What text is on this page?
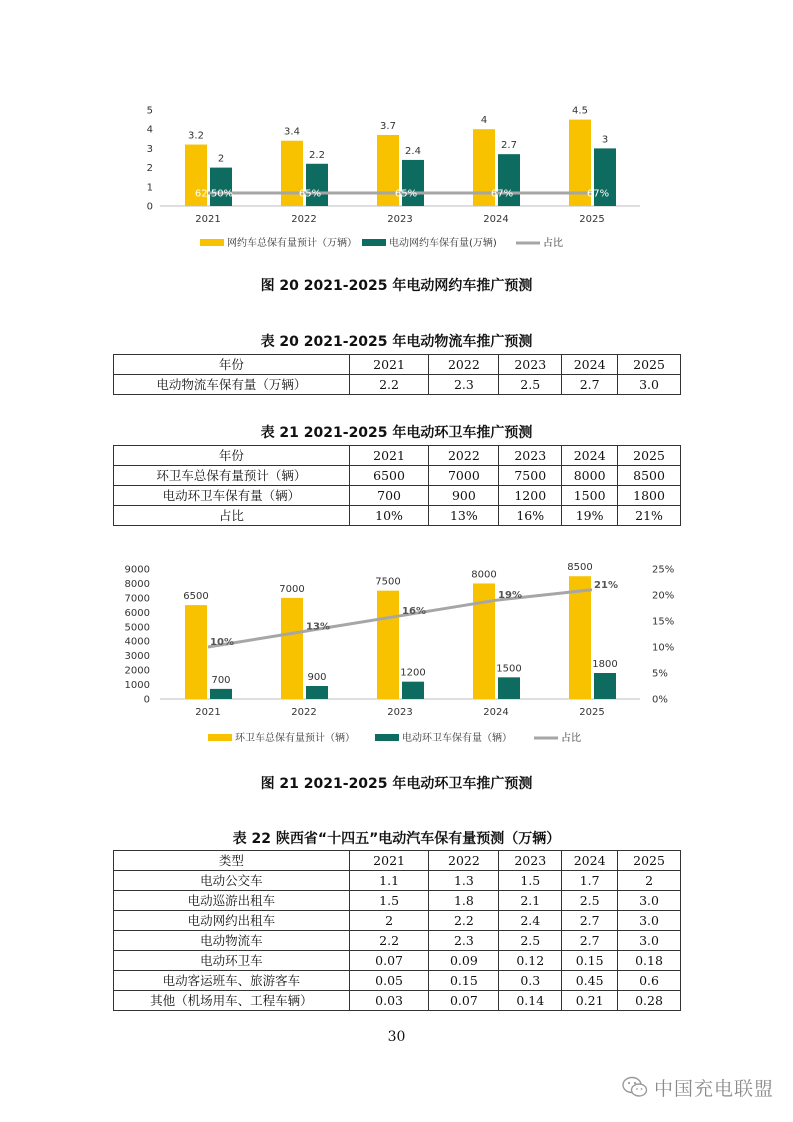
0
1
2
3
4
5
3.2
2
2021
3.4
2.2
2022
3.7
2.4
2023
4
2.7
2024
4.5
3
2025
62.50%	65%	65%	67%	67%
网约车总保有量预计（万辆）	电动网约车保有量(万辆)	占比
图 20 2021-2025 年电动网约车推广预测
表 20 2021-2025 年电动物流车推广预测
年份	2021	2022	2023	2024	2025
电动物流车保有量（万辆）	2.2	2.3	2.5	2.7	3.0
表 21 2021-2025 年电动环卫车推广预测
年份	2021	2022	2023	2024	2025
环卫车总保有量预计（辆）	6500	7000	7500	8000	8500
电动环卫车保有量（辆）	700	900	1200	1500	1800
占比	10%	13%	16%	19%	21%
0
1000
2000
3000
4000
5000
6000
7000
8000
9000
0%
5%
10%
15%
20%
25%
6500
700
2021
7000
900
2022
7500
1200
2023
8000
1500
2024
8500
1800
2025
10%
13%
16%
19%
21%
环卫车总保有量预计（辆）	电动环卫车保有量（辆）	占比
图 21 2021-2025 年电动环卫车推广预测
表 22 陕西省“十四五”电动汽车保有量预测（万辆）
类型	2021	2022	2023	2024	2025
电动公交车	1.1	1.3	1.5	1.7	2
电动巡游出租车	1.5	1.8	2.1	2.5	3.0
电动网约出租车	2	2.2	2.4	2.7	3.0
电动物流车	2.2	2.3	2.5	2.7	3.0
电动环卫车	0.07	0.09	0.12	0.15	0.18
电动客运班车、旅游客车	0.05	0.15	0.3	0.45	0.6
其他（机场用车、工程车辆）	0.03	0.07	0.14	0.21	0.28
30
中国充电联盟
